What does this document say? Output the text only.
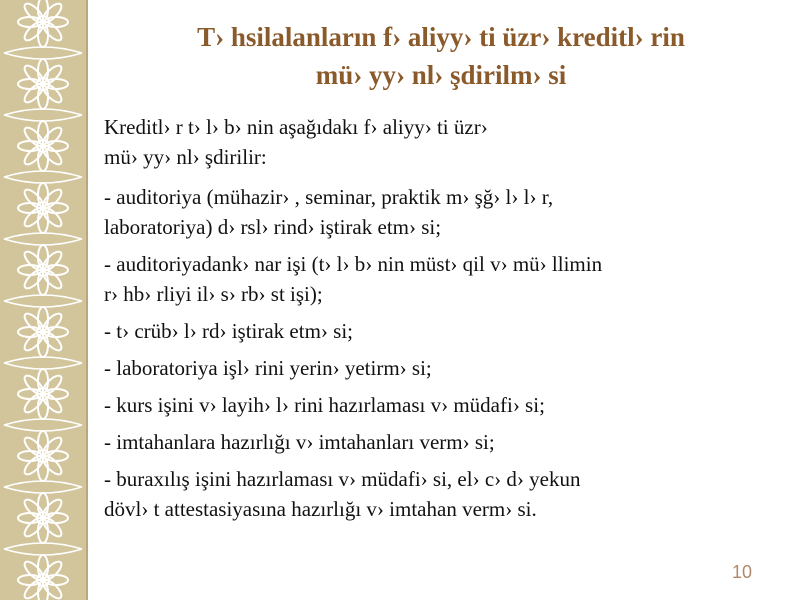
T› hsilalanların f› aliyy› ti üzr› kreditl› rin
mü› yy› nl› şdirilm› si
Kreditl› r t› l› b› nin aşağıdakı f› aliyy› ti üzr›
mü› yy› nl› şdirilir:
- auditoriya (mühazir› , seminar, praktik m› şğ› l› l› r,
laboratoriya) d› rsl› rind› iştirak etm› si;
- auditoriyadank› nar işi (t› l› b› nin müst› qil v› mü› llimin
r› hb› rliyi il› s› rb› st işi);
- t› crüb› l› rd› iştirak etm› si;
- laboratoriya işl› rini yerin› yetirm› si;
- kurs işini v› layih› l› rini hazırlaması v› müdafi› si;
- imtahanlara hazırlığı v› imtahanları verm› si;
- buraxılış işini hazırlaması v› müdafi› si, el› c› d› yekun
dövl› t attestasiyasına hazırlığı v› imtahan verm› si.
10
